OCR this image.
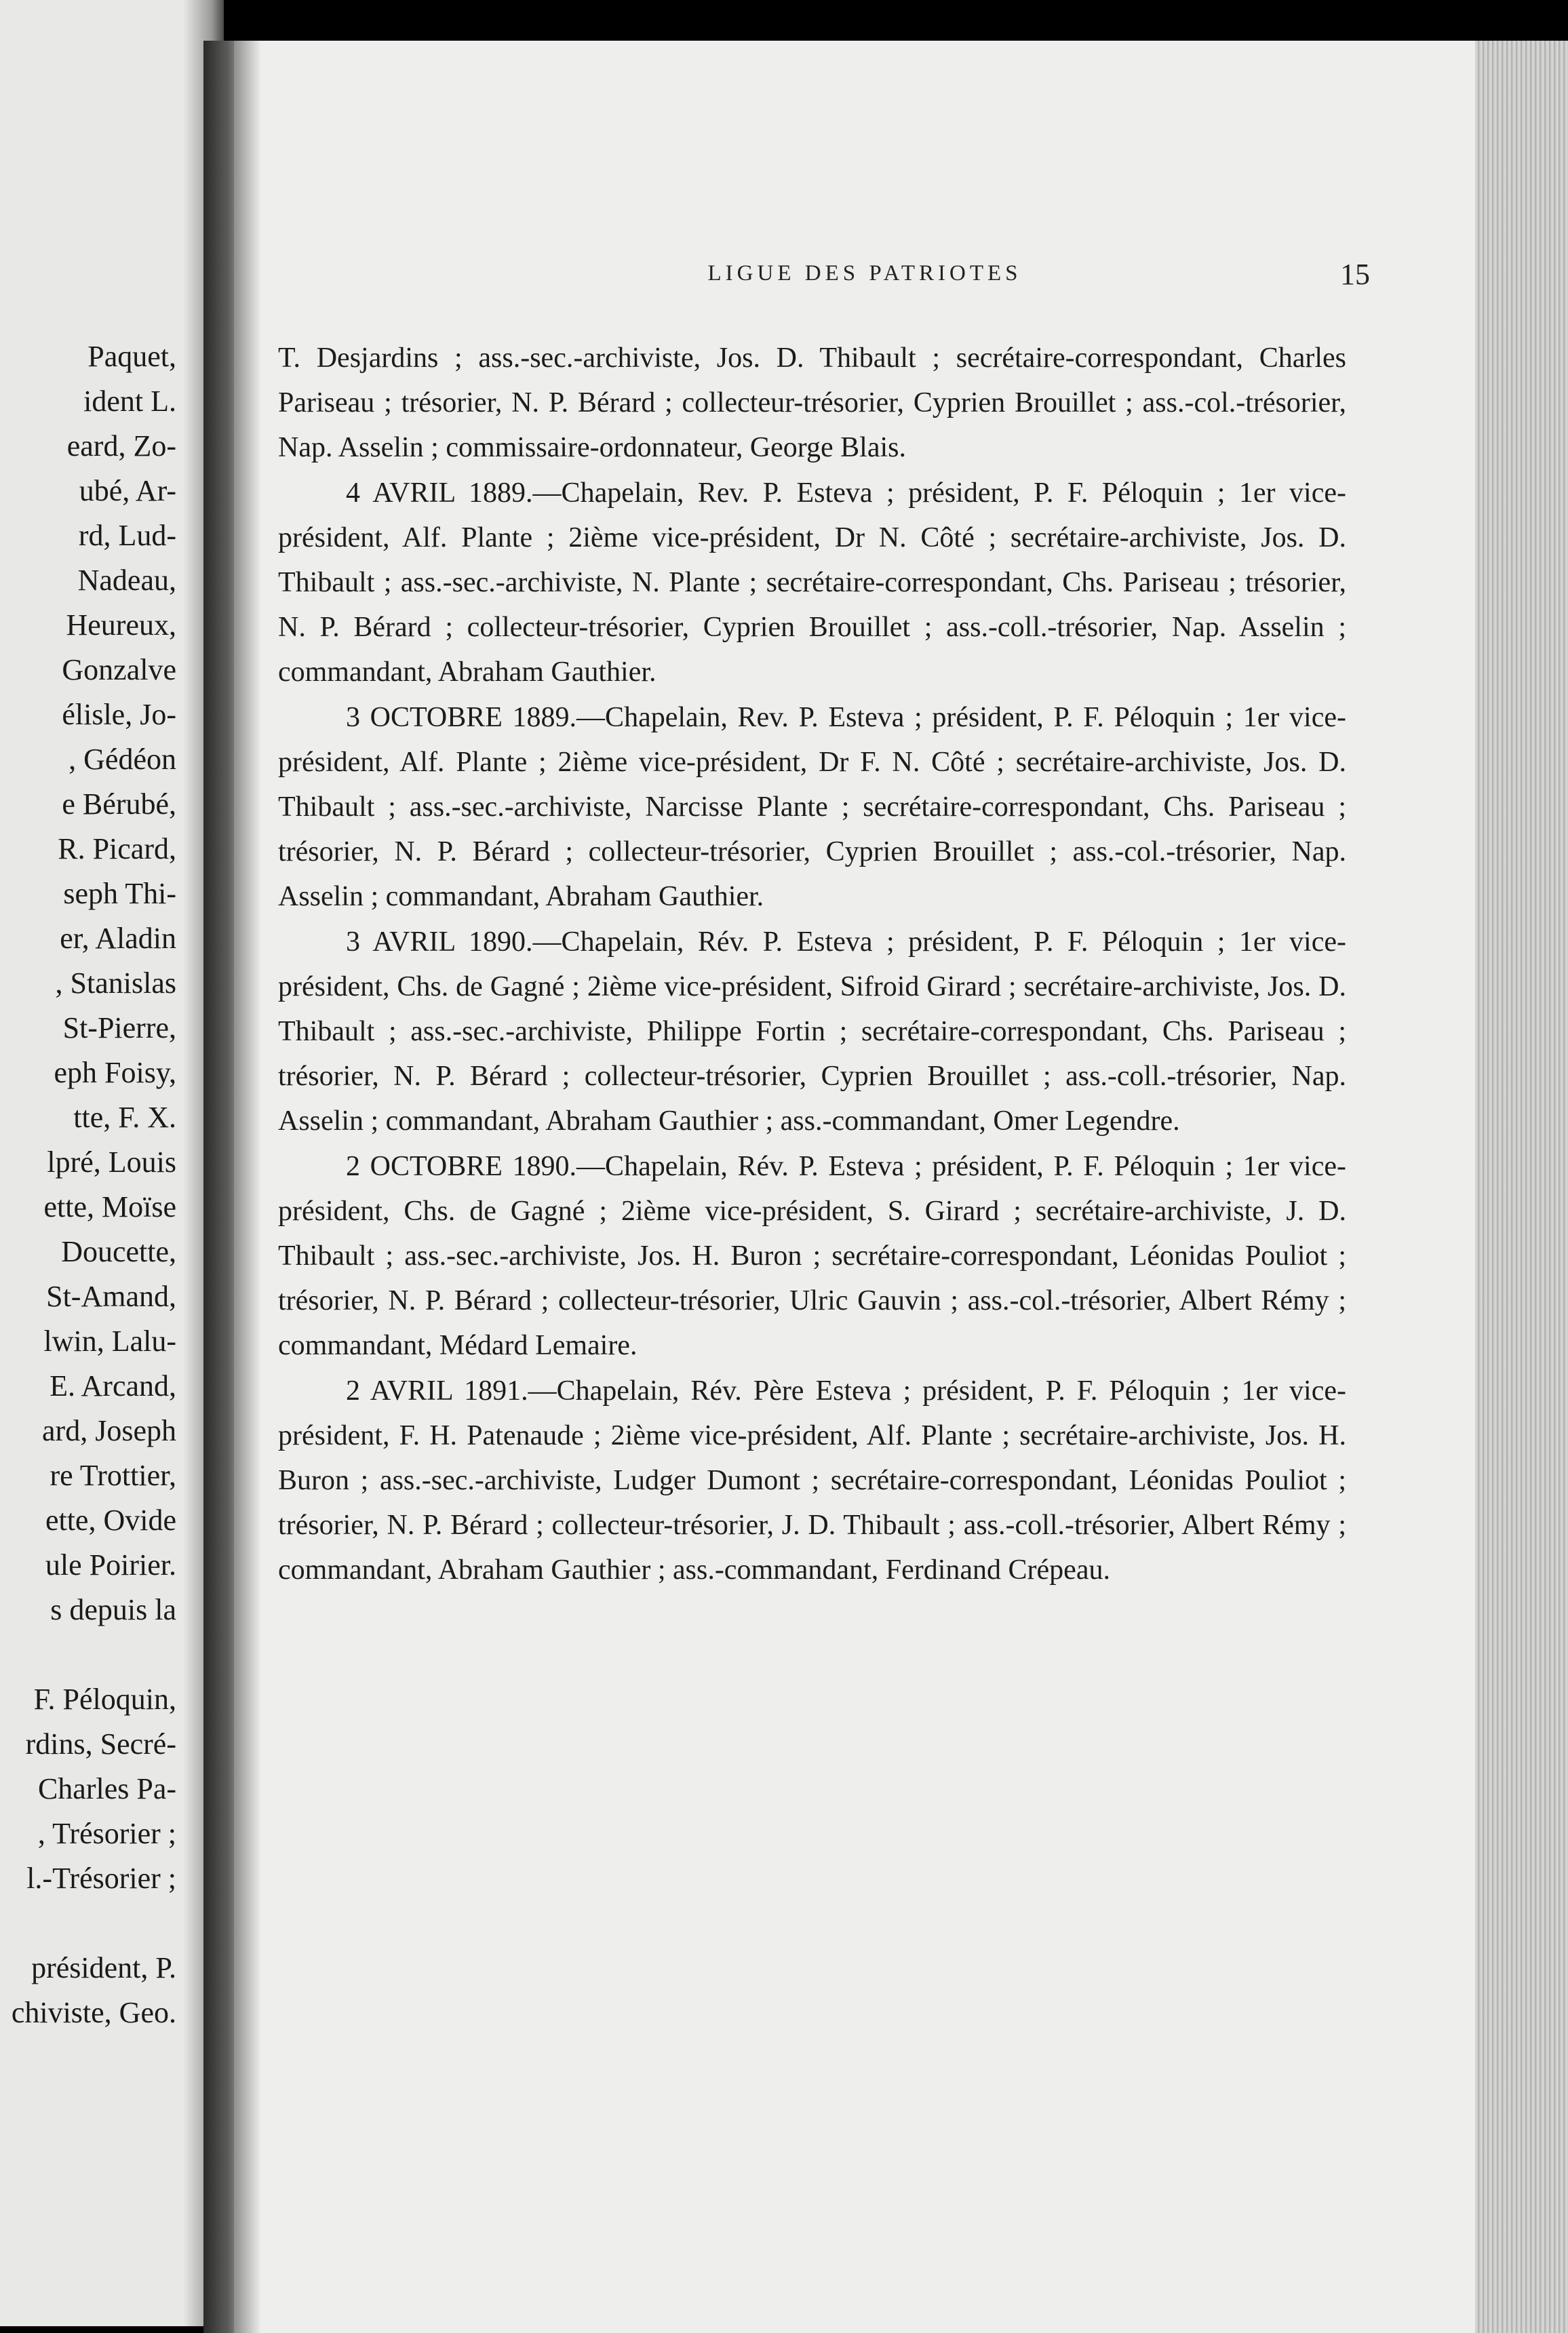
Paquet,
ident L.
eard, Zo-
ubé, Ar-
rd, Lud-
Nadeau,
Heureux,
Gonzalve
élisle, Jo-
, Gédéon
e Bérubé,
R. Picard,
seph Thi-
er, Aladin
, Stanislas
St-Pierre,
eph Foisy,
tte, F. X.
lpré, Louis
ette, Moïse
Doucette,
St-Amand,
lwin, Lalu-
E. Arcand,
ard, Joseph
re Trottier,
ette, Ovide
ule Poirier.
s depuis la
F. Péloquin,
rdins, Secré-
Charles Pa-
, Trésorier ;
l.-Trésorier ;
président, P.
chiviste, Geo.
LIGUE DES PATRIOTES	15

T. Desjardins ; ass.-sec.-archiviste, Jos. D. Thibault ; secrétaire-correspondant, Charles Pariseau ; trésorier, N. P. Bérard ; collecteur-trésorier, Cyprien Brouillet ; ass.-col.-trésorier, Nap. Asselin ; commissaire-ordonnateur, George Blais.

4 AVRIL 1889.—Chapelain, Rev. P. Esteva ; président, P. F. Péloquin ; 1er vice-président, Alf. Plante ; 2ième vice-président, Dr N. Côté ; secrétaire-archiviste, Jos. D. Thibault ; ass.-sec.-archiviste, N. Plante ; secrétaire-correspondant, Chs. Pariseau ; trésorier, N. P. Bérard ; collecteur-trésorier, Cyprien Brouillet ; ass.-coll.-trésorier, Nap. Asselin ; commandant, Abraham Gauthier.

3 OCTOBRE 1889.—Chapelain, Rev. P. Esteva ; président, P. F. Péloquin ; 1er vice-président, Alf. Plante ; 2ième vice-président, Dr F. N. Côté ; secrétaire-archiviste, Jos. D. Thibault ; ass.-sec.-archiviste, Narcisse Plante ; secrétaire-correspondant, Chs. Pariseau ; trésorier, N. P. Bérard ; collecteur-trésorier, Cyprien Brouillet ; ass.-col.-trésorier, Nap. Asselin ; commandant, Abraham Gauthier.

3 AVRIL 1890.—Chapelain, Rév. P. Esteva ; président, P. F. Péloquin ; 1er vice-président, Chs. de Gagné ; 2ième vice-président, Sifroid Girard ; secrétaire-archiviste, Jos. D. Thibault ; ass.-sec.-archiviste, Philippe Fortin ; secrétaire-correspondant, Chs. Pariseau ; trésorier, N. P. Bérard ; collecteur-trésorier, Cyprien Brouillet ; ass.-coll.-trésorier, Nap. Asselin ; commandant, Abraham Gauthier ; ass.-commandant, Omer Legendre.

2 OCTOBRE 1890.—Chapelain, Rév. P. Esteva ; président, P. F. Péloquin ; 1er vice-président, Chs. de Gagné ; 2ième vice-président, S. Girard ; secrétaire-archiviste, J. D. Thibault ; ass.-sec.-archiviste, Jos. H. Buron ; secrétaire-correspondant, Léonidas Pouliot ; trésorier, N. P. Bérard ; collecteur-trésorier, Ulric Gauvin ; ass.-col.-trésorier, Albert Rémy ; commandant, Médard Lemaire.

2 AVRIL 1891.—Chapelain, Rév. Père Esteva ; président, P. F. Péloquin ; 1er vice-président, F. H. Patenaude ; 2ième vice-président, Alf. Plante ; secrétaire-archiviste, Jos. H. Buron ; ass.-sec.-archiviste, Ludger Dumont ; secrétaire-correspondant, Léonidas Pouliot ; trésorier, N. P. Bérard ; collecteur-trésorier, J. D. Thibault ; ass.-coll.-trésorier, Albert Rémy ; commandant, Abraham Gauthier ; ass.-commandant, Ferdinand Crépeau.
